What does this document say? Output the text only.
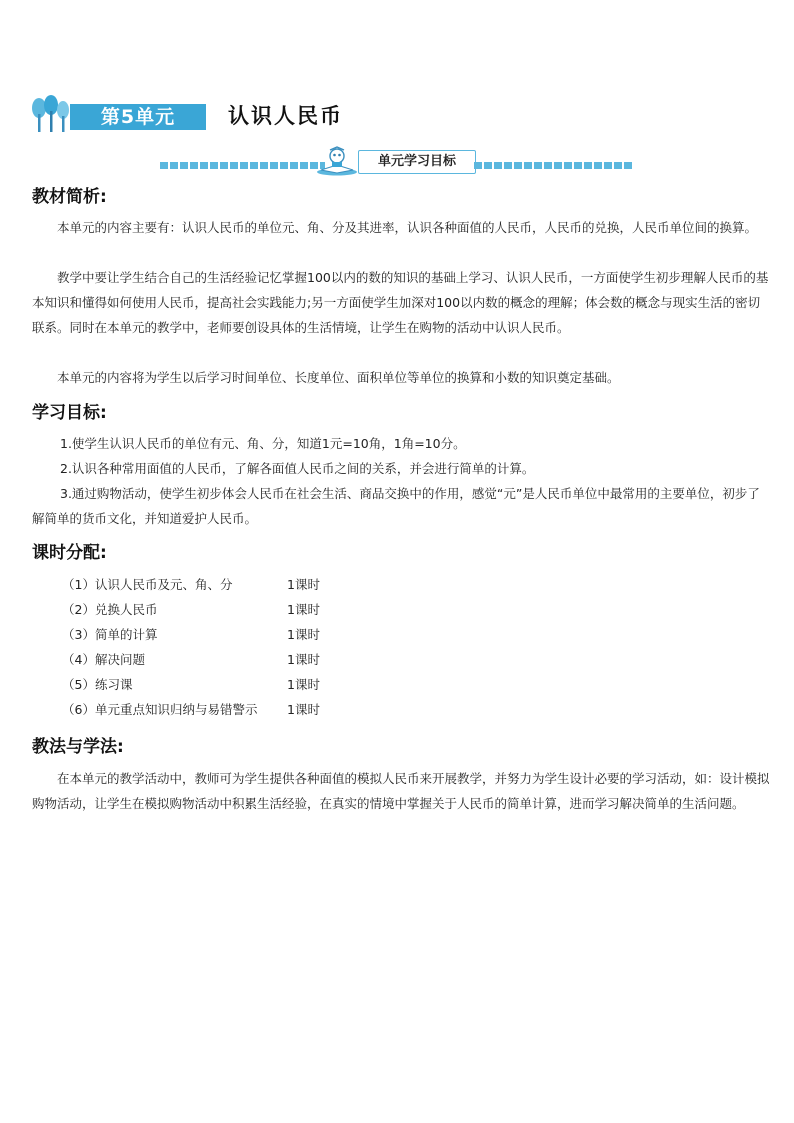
第5单元	认识人民币
单元学习目标
教材简析:

本单元的内容主要有：认识人民币的单位元、角、分及其进率，认识各种面值的人民币，人民币的兑换，人民币单位间的换算。

教学中要让学生结合自己的生活经验记忆掌握100以内的数的知识的基础上学习、认识人民币，一方面使学生初步理解人民币的基本知识和懂得如何使用人民币，提高社会实践能力;另一方面使学生加深对100以内数的概念的理解；体会数的概念与现实生活的密切联系。同时在本单元的教学中，老师要创设具体的生活情境，让学生在购物的活动中认识人民币。

本单元的内容将为学生以后学习时间单位、长度单位、面积单位等单位的换算和小数的知识奠定基础。

学习目标:

1.使学生认识人民币的单位有元、角、分，知道1元=10角，1角=10分。

2.认识各种常用面值的人民币，了解各面值人民币之间的关系，并会进行简单的计算。

3.通过购物活动，使学生初步体会人民币在社会生活、商品交换中的作用，感觉“元”是人民币单位中最常用的主要单位，初步了解简单的货币文化，并知道爱护人民币。

课时分配:
（1）认识人民币及元、角、分	1课时
（2）兑换人民币	1课时
（3）简单的计算	1课时
（4）解决问题	1课时
（5）练习课	1课时
（6）单元重点知识归纳与易错警示	1课时
教法与学法:

在本单元的教学活动中，教师可为学生提供各种面值的模拟人民币来开展教学，并努力为学生设计必要的学习活动，如：设计模拟购物活动，让学生在模拟购物活动中积累生活经验，在真实的情境中掌握关于人民币的简单计算，进而学习解决简单的生活问题。
